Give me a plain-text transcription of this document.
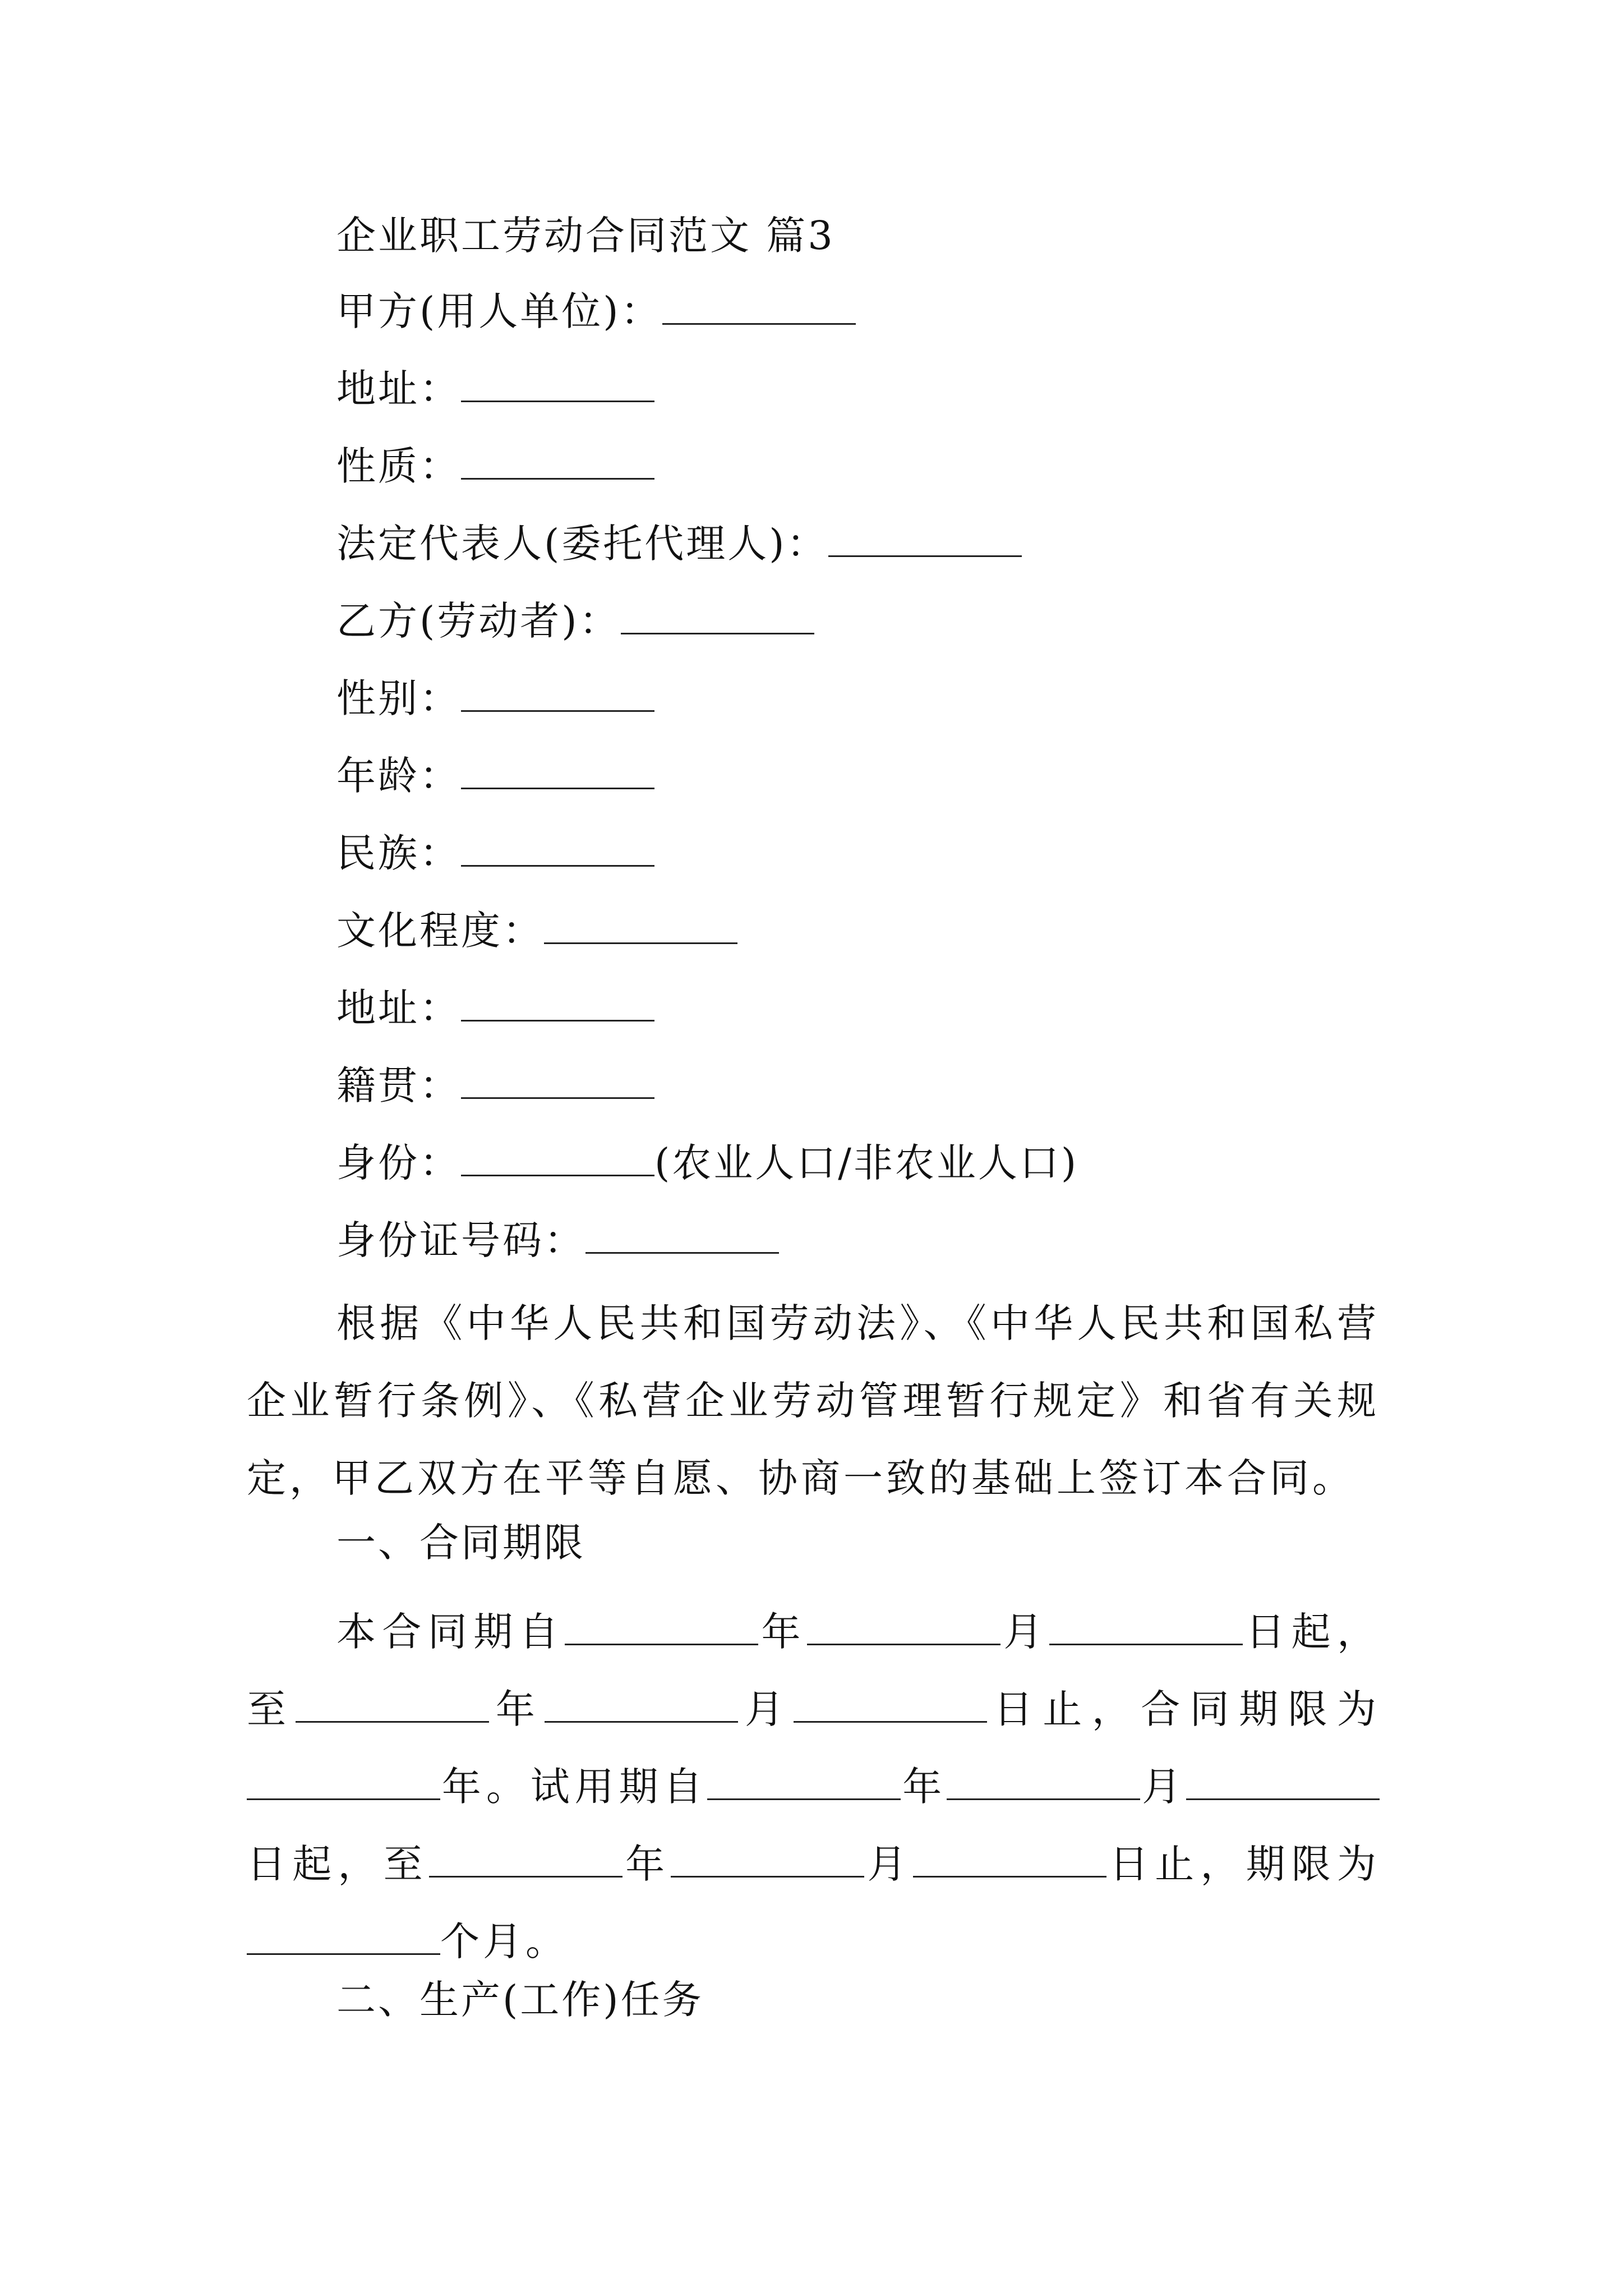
企业职工劳动合同范文 篇3
甲方(用人单位)：
地址：
性质：
法定代表人(委托代理人)：
乙方(劳动者)：
性别：
年龄：
民族：
文化程度：
地址：
籍贯：
身份：	(农业人口/非农业人口)
身份证号码：
根据《中华人民共和国劳动法》、《中华人民共和国私营企业暂行条例》、《私营企业劳动管理暂行规定》和省有关规定，甲乙双方在平等自愿、协商一致的基础上签订本合同。
一、合同期限
本合同期自	年	月	日起，至	年	月	日止，合同期限为年。试用期自	年	月日起，至	年	月	日止，期限为个月。
二、生产(工作)任务
